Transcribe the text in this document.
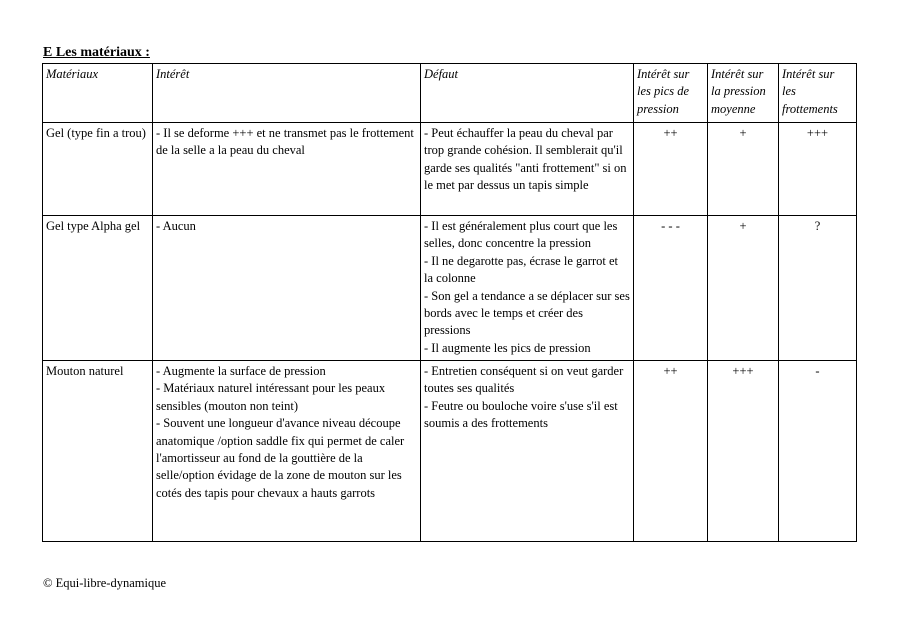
E Les matériaux :
Matériaux	Intérêt	Défaut	Intérêt sur
les pics de
pression	Intérêt sur
la pression
moyenne	Intérêt sur
les
frottements

Gel (type fin a trou)	- Il se deforme +++ et ne transmet pas le frottement de la selle a la peau du cheval	- Peut échauffer la peau du cheval par trop grande cohésion. Il semblerait qu'il garde ses qualités "anti frottement" si on le met par dessus un tapis simple	++	+	+++
Gel type Alpha gel	- Aucun	- Il est généralement plus court que les selles, donc concentre la pression
- Il ne degarotte pas, écrase le garrot et la colonne
- Son gel a tendance a se déplacer sur ses bords avec le temps et créer des pressions
- Il augmente les pics de pression	- - -	+	?
Mouton naturel	- Augmente la surface de pression
- Matériaux naturel intéressant pour les peaux sensibles (mouton non teint)
- Souvent une longueur d'avance niveau découpe anatomique /option saddle fix qui permet de caler l'amortisseur au fond de la gouttière de la selle/option évidage de la zone de mouton sur les cotés des tapis pour chevaux a hauts garrots	- Entretien conséquent si on veut garder toutes ses qualités
- Feutre ou bouloche voire s'use s'il est soumis a des frottements	++	+++	-
© Equi-libre-dynamique
